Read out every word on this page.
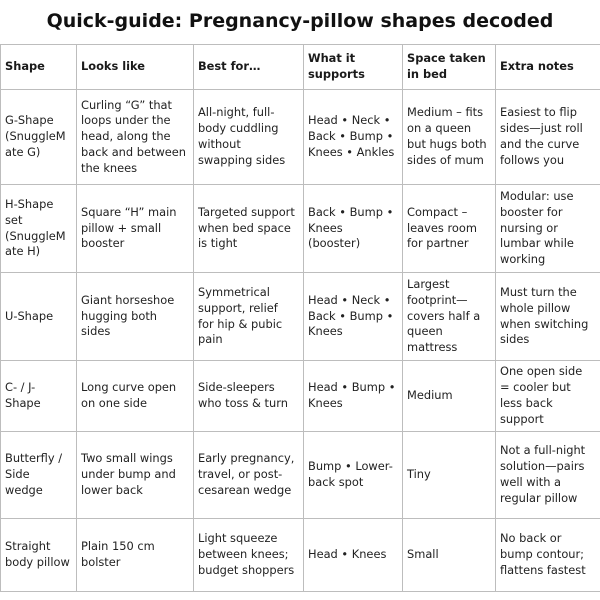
Quick-guide: Pregnancy-pillow shapes decoded
Shape	Looks like	Best for…	What it supports	Space taken in bed	Extra notes
G-Shape (SnuggleMate G)	Curling “G” that loops under the head, along the back and between the knees	All-night, full-body cuddling without swapping sides	Head • Neck • Back • Bump • Knees • Ankles	Medium – fits on a queen but hugs both sides of mum	Easiest to flip sides—just roll and the curve follows you
H-Shape set (SnuggleMate H)	Square “H” main pillow + small booster	Targeted support when bed space is tight	Back • Bump • Knees (booster)	Compact – leaves room for partner	Modular: use booster for nursing or lumbar while working
U-Shape	Giant horseshoe hugging both sides	Symmetrical support, relief for hip & pubic pain	Head • Neck • Back • Bump • Knees	Largest footprint—covers half a queen mattress	Must turn the whole pillow when switching sides
C- / J-Shape	Long curve open on one side	Side-sleepers who toss & turn	Head • Bump • Knees	Medium	One open side = cooler but less back support
Butterfly / Side wedge	Two small wings under bump and lower back	Early pregnancy, travel, or post-cesarean wedge	Bump • Lower-back spot	Tiny	Not a full-night solution—pairs well with a regular pillow
Straight body pillow	Plain 150 cm bolster	Light squeeze between knees; budget shoppers	Head • Knees	Small	No back or bump contour; flattens fastest
